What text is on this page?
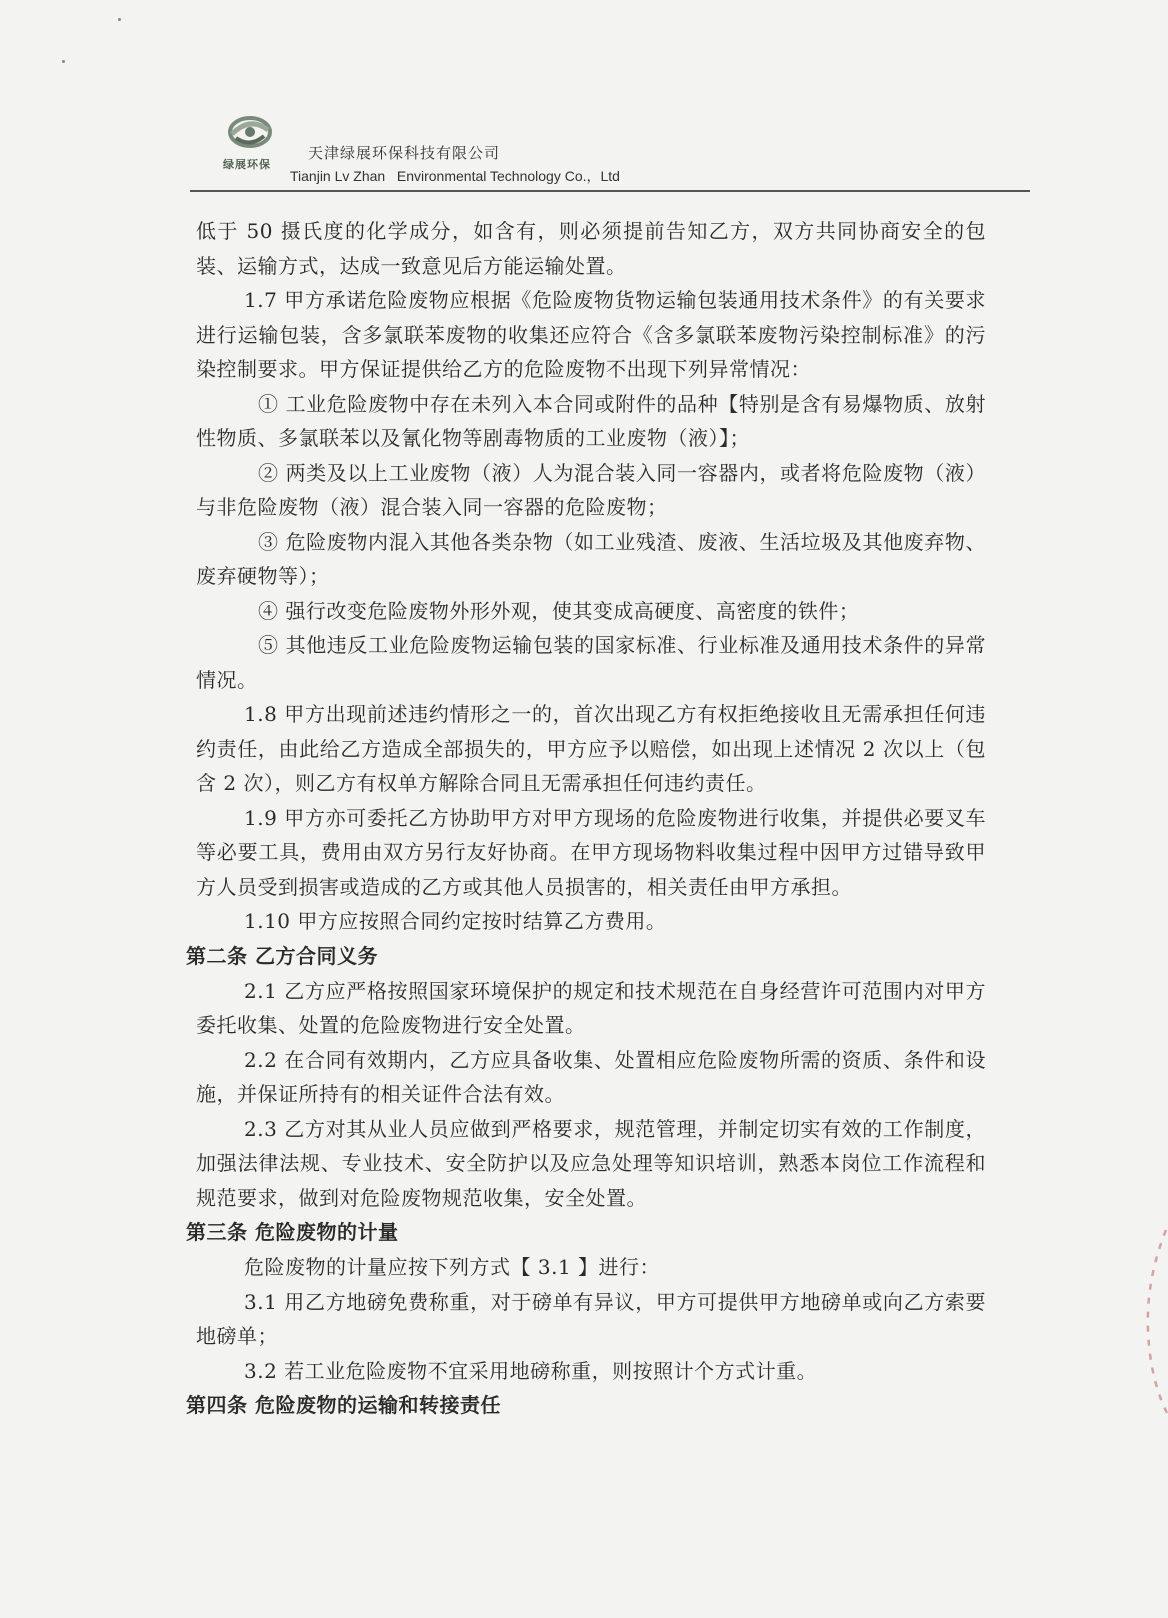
绿展环保
天津绿展环保科技有限公司
Tianjin Lv Zhan   Environmental Technology Co.，Ltd

低于 50 摄氏度的化学成分，如含有，则必须提前告知乙方，双方共同协商安全的包装、运输方式，达成一致意见后方能运输处置。

1.7 甲方承诺危险废物应根据《危险废物货物运输包装通用技术条件》的有关要求进行运输包装，含多氯联苯废物的收集还应符合《含多氯联苯废物污染控制标准》的污染控制要求。甲方保证提供给乙方的危险废物不出现下列异常情况：

① 工业危险废物中存在未列入本合同或附件的品种【特别是含有易爆物质、放射性物质、多氯联苯以及氰化物等剧毒物质的工业废物（液）】；

② 两类及以上工业废物（液）人为混合装入同一容器内，或者将危险废物（液）与非危险废物（液）混合装入同一容器的危险废物；

③ 危险废物内混入其他各类杂物（如工业残渣、废液、生活垃圾及其他废弃物、废弃硬物等）；

④ 强行改变危险废物外形外观，使其变成高硬度、高密度的铁件；

⑤ 其他违反工业危险废物运输包装的国家标准、行业标准及通用技术条件的异常情况。

1.8 甲方出现前述违约情形之一的，首次出现乙方有权拒绝接收且无需承担任何违约责任，由此给乙方造成全部损失的，甲方应予以赔偿，如出现上述情况 2 次以上（包含 2 次），则乙方有权单方解除合同且无需承担任何违约责任。

1.9 甲方亦可委托乙方协助甲方对甲方现场的危险废物进行收集，并提供必要叉车等必要工具，费用由双方另行友好协商。在甲方现场物料收集过程中因甲方过错导致甲方人员受到损害或造成的乙方或其他人员损害的，相关责任由甲方承担。

1.10 甲方应按照合同约定按时结算乙方费用。

第二条 乙方合同义务

2.1 乙方应严格按照国家环境保护的规定和技术规范在自身经营许可范围内对甲方委托收集、处置的危险废物进行安全处置。

2.2 在合同有效期内，乙方应具备收集、处置相应危险废物所需的资质、条件和设施，并保证所持有的相关证件合法有效。

2.3 乙方对其从业人员应做到严格要求，规范管理，并制定切实有效的工作制度，加强法律法规、专业技术、安全防护以及应急处理等知识培训，熟悉本岗位工作流程和规范要求，做到对危险废物规范收集，安全处置。

第三条 危险废物的计量

危险废物的计量应按下列方式【 3.1 】进行：

3.1 用乙方地磅免费称重，对于磅单有异议，甲方可提供甲方地磅单或向乙方索要地磅单；

3.2 若工业危险废物不宜采用地磅称重，则按照计个方式计重。

第四条 危险废物的运输和转接责任
